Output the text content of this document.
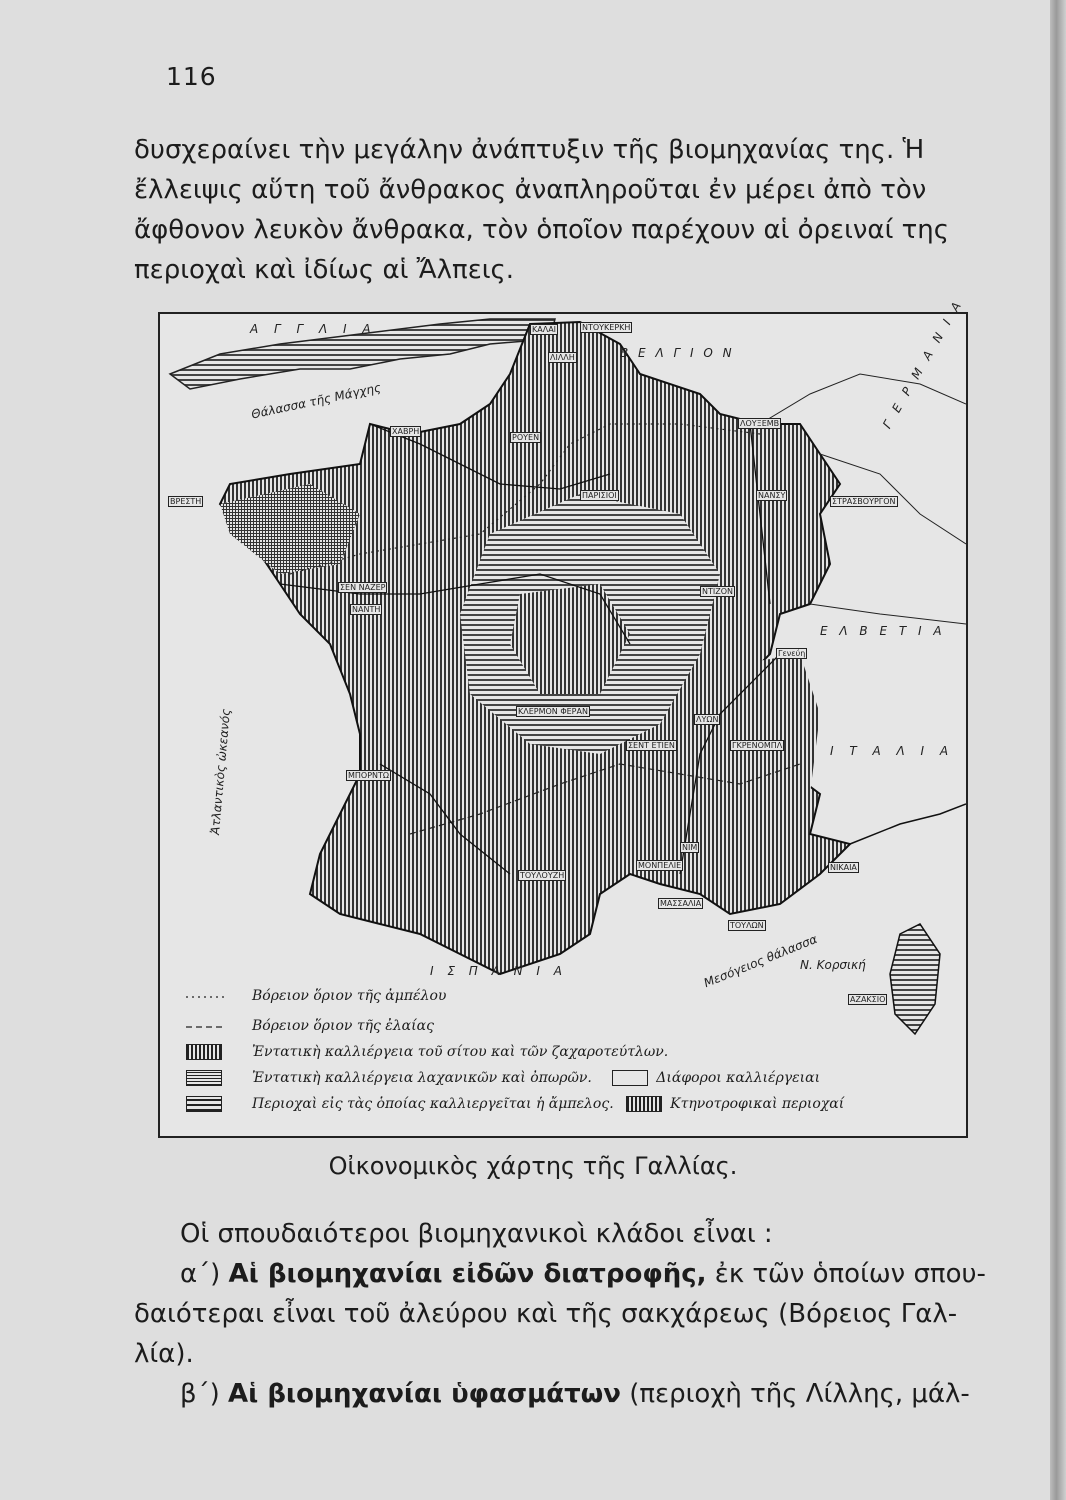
116

δυσχεραίνει τὴν μεγάλην ἀνάπτυξιν τῆς βιομηχανίας της. Ἡ

ἔλλειψις αὕτη τοῦ ἄνθρακος ἀναπληροῦται ἐν μέρει ἀπὸ τὸν

ἄφθονον λευκὸν ἄνθρακα, τὸν ὁποῖον παρέχουν αἱ ὀρειναί της

περιοχαὶ καὶ ἰδίως αἱ Ἄλπεις.

Α Γ Γ Λ Ι Α
Β Ε Λ Γ Ι Ο Ν	Γ Ε Ρ Μ Α Ν Ι Α
Ε Λ Β Ε Τ Ι Α
Ι Τ Α Λ Ι Α
Ι Σ Π Α Ν Ι Α
Θάλασσα τῆς Μάγχης
Ἀτλαντικὸς ὠκεανός
Μεσόγειος θάλασσα
ΝΤΟΥΚΕΡΚΗ
ΚΑΛΑΙ
ΛΙΛΛΗ
ΧΑΒΡΗ
ΡΟΥΕΝ
ΠΑΡΙΣΙΟΙ
ΛΟΥΞΕΜΒ
ΝΑΝΣΥ
ΣΤΡΑΣΒΟΥΡΓΟΝ
ΒΡΕΣΤΗ
ΣΕΝ ΝΑΖΕΡ
ΝΑΝΤΗ
ΝΤΙΖΟΝ
Γενεύη
ΚΛΕΡΜΟΝ ΦΕΡΑΝ
ΛΥΩΝ
ΣΕΝΤ ΕΤΙΕΝ	ΓΚΡΕΝΟΜΠΛ
ΜΠΟΡΝΤΩ
ΤΟΥΛΟΥΖΗ
ΝΙΜ
ΜΟΝΠΕΛΙΕ
ΜΑΣΣΑΛΙΑ
ΤΟΥΛΩΝ
ΝΙΚΑΙΑ
Ν. Κορσική
ΑΖΑΚΣΙΟ
Βόρειον ὅριον τῆς ἀμπέλου
Βόρειον ὅριον τῆς ἐλαίας
Ἐντατικὴ καλλιέργεια τοῦ σίτου καὶ τῶν ζαχαροτεύτλων.
Ἐντατικὴ καλλιέργεια λαχανικῶν καὶ ὀπωρῶν.	Διάφοροι καλλιέργειαι
Περιοχαὶ εἰς τὰς ὁποίας καλλιεργεῖται ἡ ἄμπελος.	Κτηνοτροφικαὶ περιοχαί
Οἰκονομικὸς χάρτης τῆς Γαλλίας.

Οἱ σπουδαιότεροι βιομηχανικοὶ κλάδοι εἶναι :

α΄) Αἱ βιομηχανίαι εἰδῶν διατροφῆς, ἐκ τῶν ὁποίων σπου-

δαιότεραι εἶναι τοῦ ἀλεύρου καὶ τῆς σακχάρεως (Βόρειος Γαλ-

λία).

β΄) Αἱ βιομηχανίαι ὑφασμάτων (περιοχὴ τῆς Λίλλης, μάλ-
